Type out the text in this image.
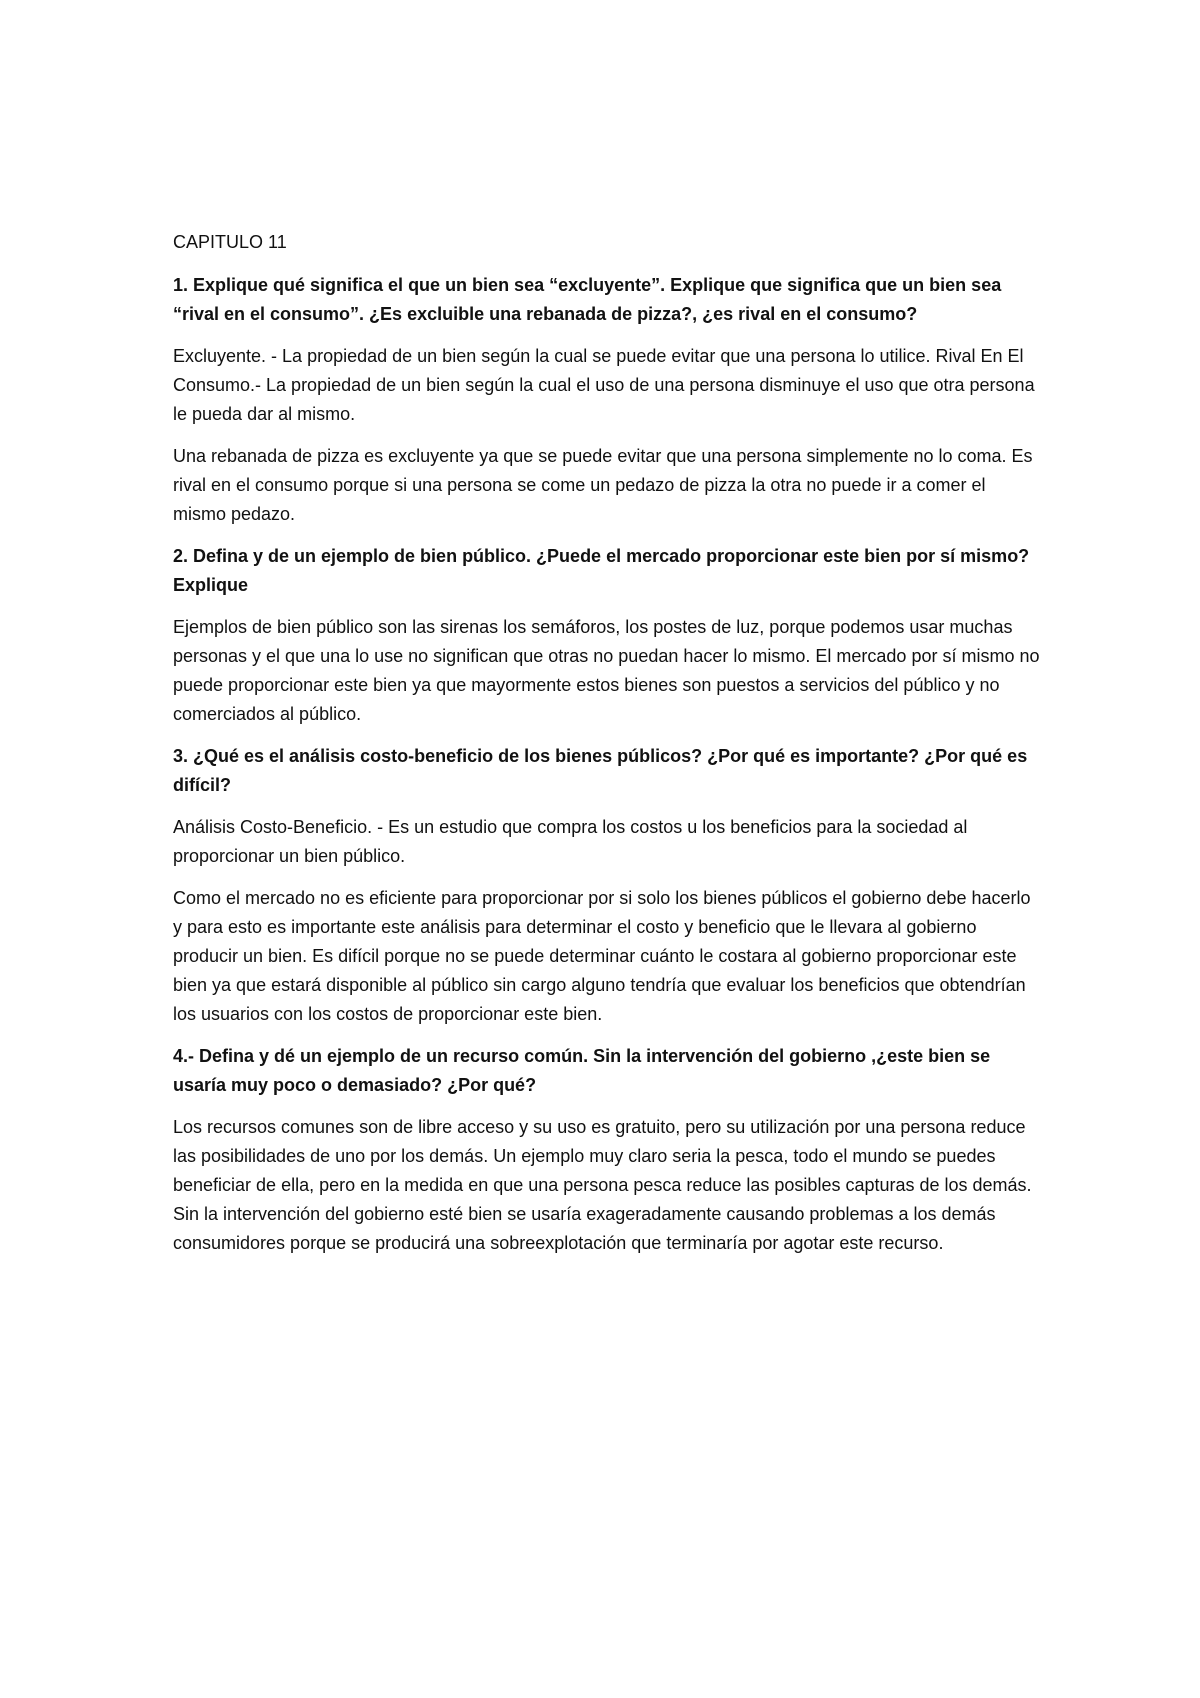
CAPITULO 11

1. Explique qué significa el que un bien sea “excluyente”. Explique que significa que un bien sea “rival en el consumo”. ¿Es excluible una rebanada de pizza?, ¿es rival en el consumo?

Excluyente. - La propiedad de un bien según la cual se puede evitar que una persona lo utilice. Rival En El Consumo.- La propiedad de un bien según la cual el uso de una persona disminuye el uso que otra persona le pueda dar al mismo.

Una rebanada de pizza es excluyente ya que se puede evitar que una persona simplemente no lo coma. Es rival en el consumo porque si una persona se come un pedazo de pizza la otra no puede ir a comer el mismo pedazo.

2. Defina y de un ejemplo de bien público. ¿Puede el mercado proporcionar este bien por sí mismo? Explique

Ejemplos de bien público son las sirenas los semáforos, los postes de luz, porque podemos usar muchas personas y el que una lo use no significan que otras no puedan hacer lo mismo. El mercado por sí mismo no puede proporcionar este bien ya que mayormente estos bienes son puestos a servicios del público y no comerciados al público.

3. ¿Qué es el análisis costo-beneficio de los bienes públicos? ¿Por qué es importante? ¿Por qué es difícil?

Análisis Costo-Beneficio. - Es un estudio que compra los costos u los beneficios para la sociedad al proporcionar un bien público.

Como el mercado no es eficiente para proporcionar por si solo los bienes públicos el gobierno debe hacerlo y para esto es importante este análisis para determinar el costo y beneficio que le llevara al gobierno producir un bien. Es difícil porque no se puede determinar cuánto le costara al gobierno proporcionar este bien ya que estará disponible al público sin cargo alguno tendría que evaluar los beneficios que obtendrían los usuarios con los costos de proporcionar este bien.

4.- Defina y dé un ejemplo de un recurso común. Sin la intervención del gobierno ,¿este bien se usaría muy poco o demasiado? ¿Por qué?

Los recursos comunes son de libre acceso y su uso es gratuito, pero su utilización por una persona reduce las posibilidades de uno por los demás. Un ejemplo muy claro seria la pesca, todo el mundo se puedes beneficiar de ella, pero en la medida en que una persona pesca reduce las posibles capturas de los demás. Sin la intervención del gobierno esté bien se usaría exageradamente causando problemas a los demás consumidores porque se producirá una sobreexplotación que terminaría por agotar este recurso.
